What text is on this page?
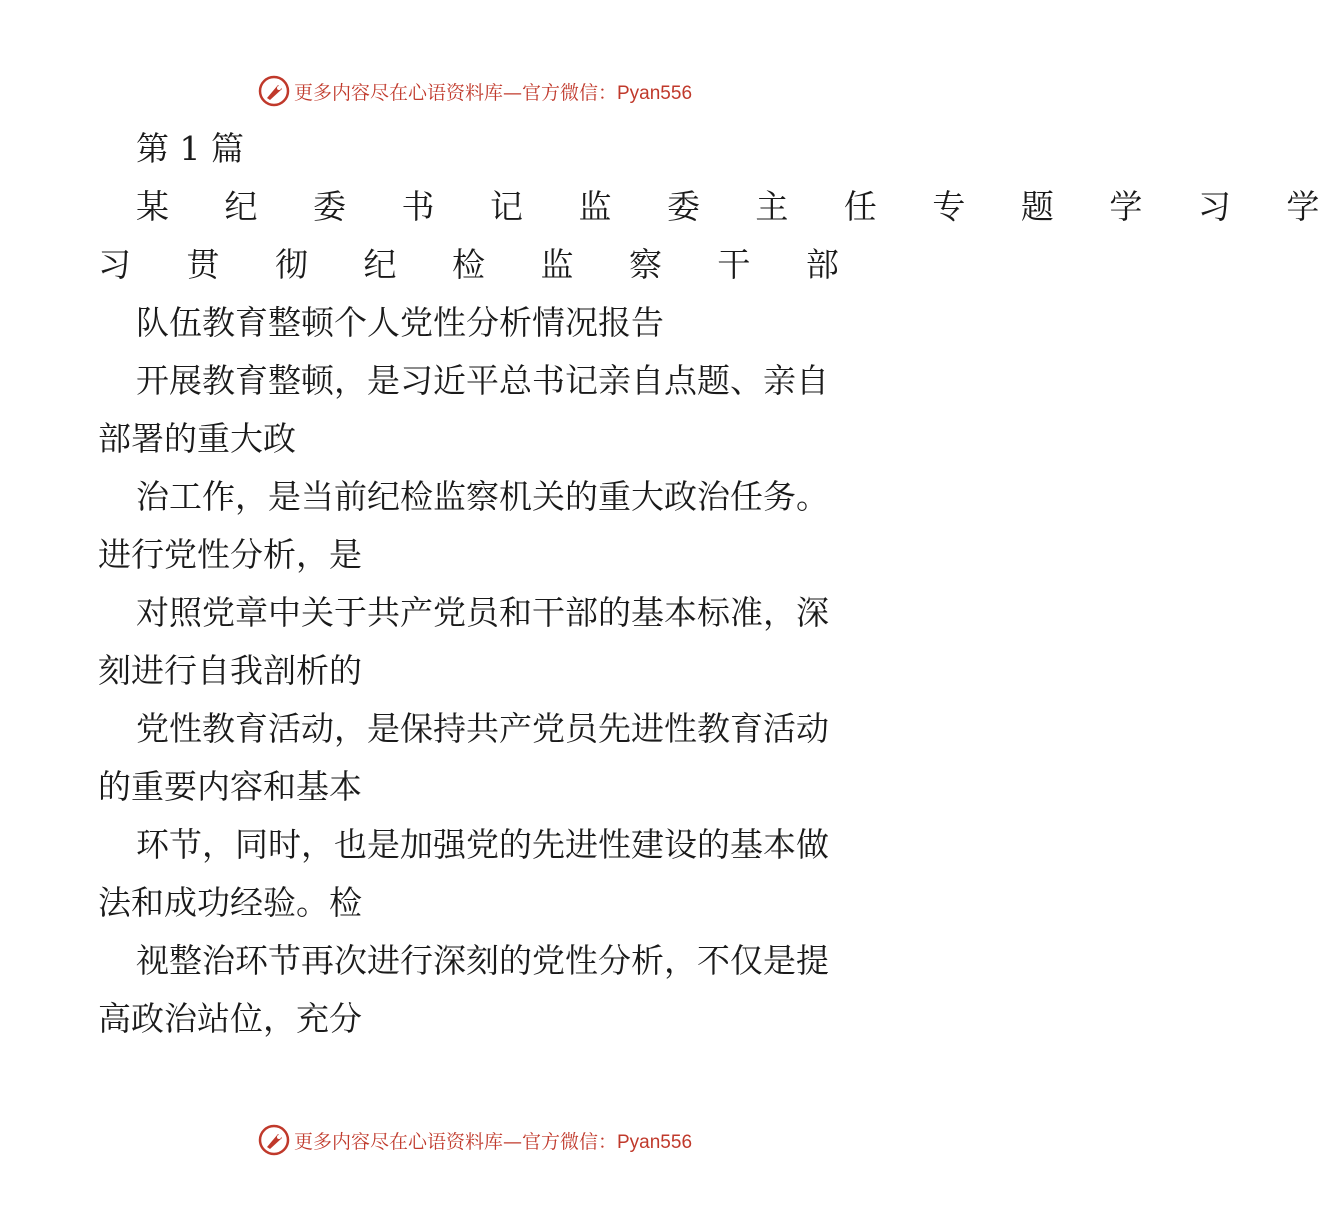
更多内容尽在心语资料库—官方微信：Pyan556
第 1 篇
某 纪 委 书 记 监 委 主 任 专 题 学 习 学
习 贯 彻 纪 检 监 察 干 部
队伍教育整顿个人党性分析情况报告
开展教育整顿，是习近平总书记亲自点题、亲自
部署的重大政
治工作，是当前纪检监察机关的重大政治任务。
进行党性分析，是
对照党章中关于共产党员和干部的基本标准，深
刻进行自我剖析的
党性教育活动，是保持共产党员先进性教育活动
的重要内容和基本
环节，同时，也是加强党的先进性建设的基本做
法和成功经验。检
视整治环节再次进行深刻的党性分析，不仅是提
高政治站位，充分
更多内容尽在心语资料库—官方微信：Pyan556
